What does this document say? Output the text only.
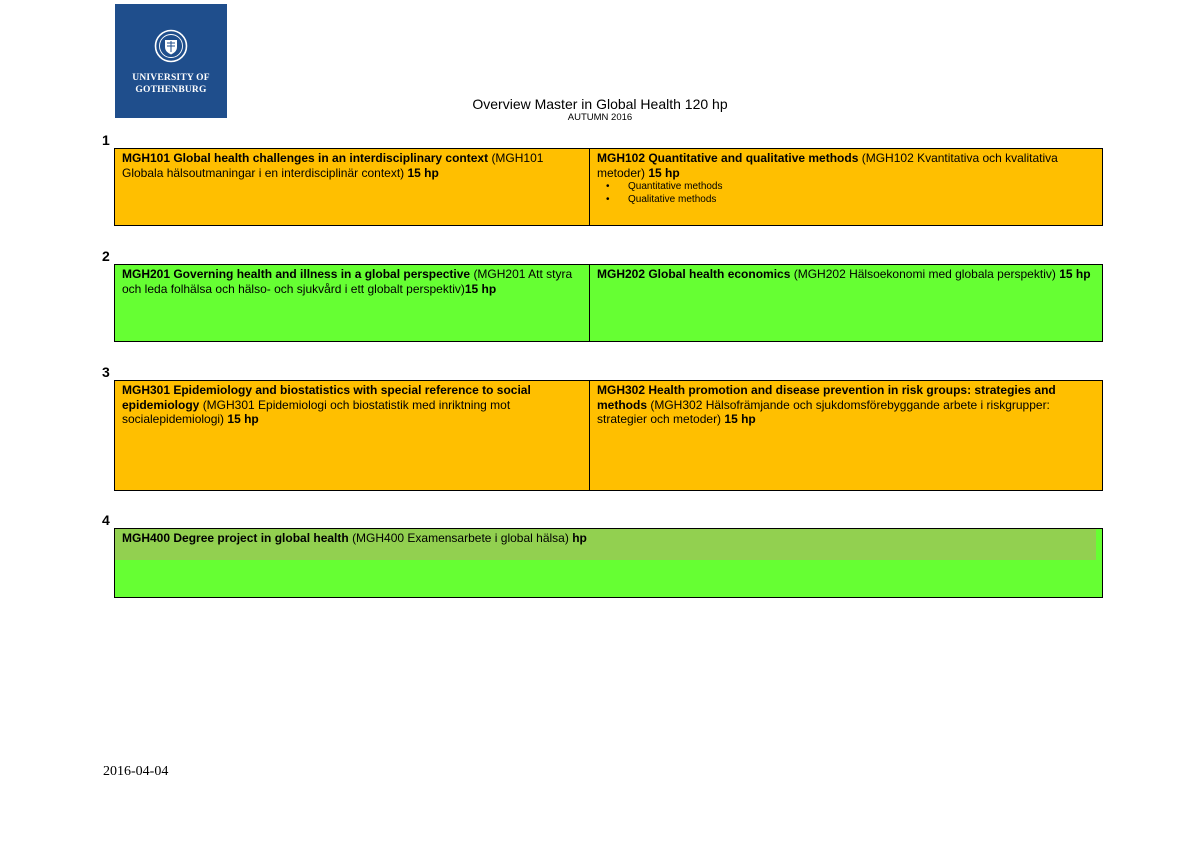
UNIVERSITY OF
GOTHENBURG
Overview Master in Global Health 120 hp
AUTUMN 2016
1
MGH101 Global health challenges in an interdisciplinary context (MGH101 Globala hälsoutmaningar i en interdisciplinär context) 15 hp
MGH102 Quantitative and qualitative methods (MGH102 Kvantitativa och kvalitativa metoder) 15 hp
• Quantitative methods
• Qualitative methods
2
MGH201 Governing health and illness in a global perspective (MGH201 Att styra och leda folhälsa och hälso- och sjukvård i ett globalt perspektiv)15 hp
MGH202 Global health economics (MGH202 Hälsoekonomi med globala perspektiv) 15 hp
3
MGH301 Epidemiology and biostatistics with special reference to social epidemiology (MGH301 Epidemiologi och biostatistik med inriktning mot socialepidemiologi) 15 hp
MGH302 Health promotion and disease prevention in risk groups: strategies and methods (MGH302 Hälsofrämjande och sjukdomsförebyggande arbete i riskgrupper: strategier och metoder) 15 hp
4
MGH400 Degree project in global health (MGH400 Examensarbete i global hälsa) hp
2016-04-04
